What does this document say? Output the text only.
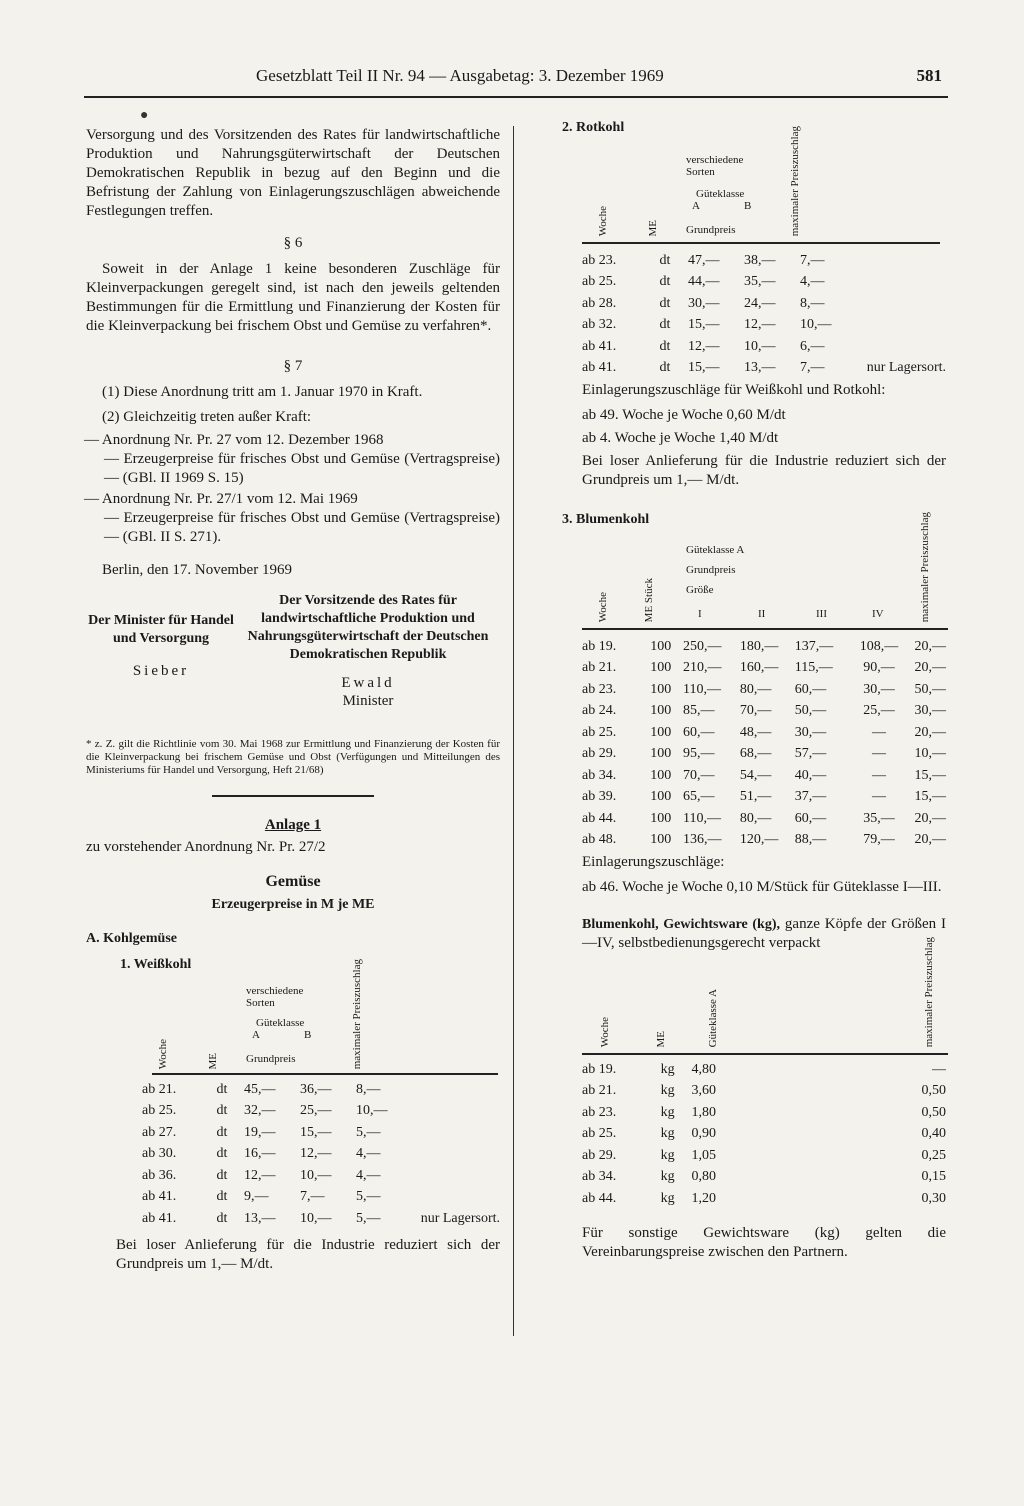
Gesetzblatt Teil II Nr. 94 — Ausgabetag: 3. Dezember 1969	581
●

Versorgung und des Vorsitzenden des Rates für landwirtschaftliche Produktion und Nahrungsgüterwirtschaft der Deutschen Demokratischen Republik in bezug auf den Beginn und die Befristung der Zahlung von Einlagerungszuschlägen abweichende Festlegungen treffen.

§ 6

Soweit in der Anlage 1 keine besonderen Zuschläge für Kleinverpackungen geregelt sind, ist nach den jeweils geltenden Bestimmungen für die Ermittlung und Finanzierung der Kosten für die Kleinverpackung bei frischem Obst und Gemüse zu verfahren*.

§ 7

(1) Diese Anordnung tritt am 1. Januar 1970 in Kraft.

(2) Gleichzeitig treten außer Kraft:

— Anordnung Nr. Pr. 27 vom 12. Dezember 1968

— Erzeugerpreise für frisches Obst und Gemüse (Vertragspreise) — (GBl. II 1969 S. 15)

— Anordnung Nr. Pr. 27/1 vom 12. Mai 1969

— Erzeugerpreise für frisches Obst und Gemüse (Vertragspreise) — (GBl. II S. 271).

Berlin, den 17. November 1969

Der Minister für Handel und Versorgung
Sieber
Der Vorsitzende des Rates für landwirtschaftliche Produktion und Nahrungsgüterwirtschaft der Deutschen Demokratischen Republik
Ewald
Minister

* z. Z. gilt die Richtlinie vom 30. Mai 1968 zur Ermittlung und Finanzierung der Kosten für die Kleinverpackung bei frischem Gemüse und Obst (Verfügungen und Mitteilungen des Ministeriums für Handel und Versorgung, Heft 21/68)

Anlage 1

zu vorstehender Anordnung Nr. Pr. 27/2

Gemüse

Erzeugerpreise in M je ME

A. Kohlgemüse

1. Weißkohl

Woche	ME
verschiedene
Sorten
Güteklasse
A	B
Grundpreis	maximaler Preiszuschlag
ab 21.	dt	45,—	36,—	8,—	
ab 25.	dt	32,—	25,—	10,—	
ab 27.	dt	19,—	15,—	5,—	
ab 30.	dt	16,—	12,—	4,—	
ab 36.	dt	12,—	10,—	4,—	
ab 41.	dt	9,—	7,—	5,—	
ab 41.	dt	13,—	10,—	5,—	nur Lagersort.

Bei loser Anlieferung für die Industrie reduziert sich der Grundpreis um 1,— M/dt.

2. Rotkohl

Woche	ME
verschiedene
Sorten
Güteklasse
A	B
Grundpreis	maximaler Preiszuschlag
ab 23.	dt	47,—	38,—	7,—	
ab 25.	dt	44,—	35,—	4,—	
ab 28.	dt	30,—	24,—	8,—	
ab 32.	dt	15,—	12,—	10,—	
ab 41.	dt	12,—	10,—	6,—	
ab 41.	dt	15,—	13,—	7,—	nur Lagersort.

Einlagerungszuschläge für Weißkohl und Rotkohl:

ab 49. Woche je Woche 0,60 M/dt

ab 4. Woche je Woche 1,40 M/dt

Bei loser Anlieferung für die Industrie reduziert sich der Grundpreis um 1,— M/dt.

3. Blumenkohl

Woche	ME Stück
Güteklasse A
Grundpreis
Größe
I	II	III	IV	maximaler Preiszuschlag
ab 19.	100	250,—	180,—	137,—	108,—	20,—
ab 21.	100	210,—	160,—	115,—	90,—	20,—
ab 23.	100	110,—	80,—	60,—	30,—	50,—
ab 24.	100	85,—	70,—	50,—	25,—	30,—
ab 25.	100	60,—	48,—	30,—	—	20,—
ab 29.	100	95,—	68,—	57,—	—	10,—
ab 34.	100	70,—	54,—	40,—	—	15,—
ab 39.	100	65,—	51,—	37,—	—	15,—
ab 44.	100	110,—	80,—	60,—	35,—	20,—
ab 48.	100	136,—	120,—	88,—	79,—	20,—

Einlagerungszuschläge:

ab 46. Woche je Woche 0,10 M/Stück für Güteklasse I—III.

Blumenkohl, Gewichtsware (kg), ganze Köpfe der Größen I—IV, selbstbedienungsgerecht verpackt

Woche	ME	Güteklasse A	maximaler Preiszuschlag
ab 19.	kg	4,80	—
ab 21.	kg	3,60	0,50
ab 23.	kg	1,80	0,50
ab 25.	kg	0,90	0,40
ab 29.	kg	1,05	0,25
ab 34.	kg	0,80	0,15
ab 44.	kg	1,20	0,30

Für sonstige Gewichtsware (kg) gelten die Vereinbarungspreise zwischen den Partnern.
